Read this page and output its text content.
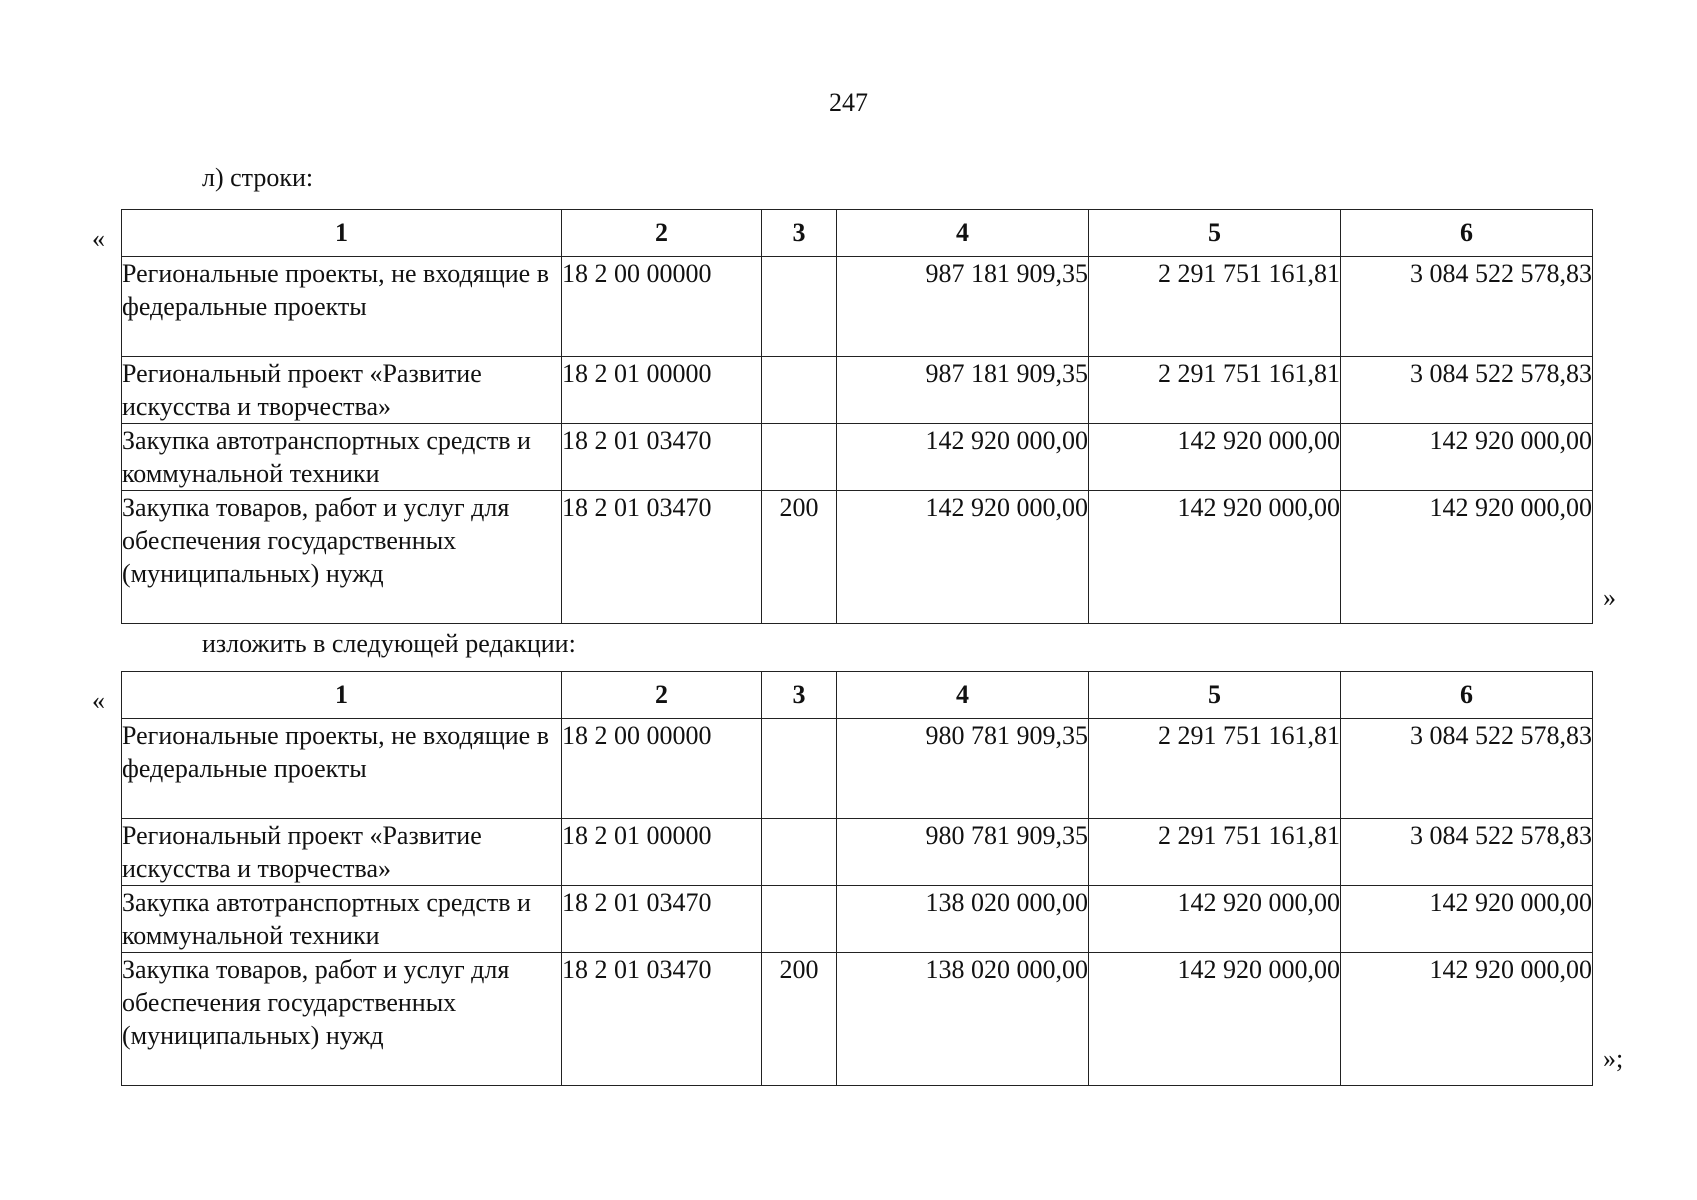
247
л) строки:
«	1	2	3	4	5	6
Региональные проекты, не входящие в федеральные проекты	18 2 00 00000		987 181 909,35	2 291 751 161,81	3 084 522 578,83
Региональный проект «Развитие искусства и творчества»	18 2 01 00000		987 181 909,35	2 291 751 161,81	3 084 522 578,83
Закупка автотранспортных средств и коммунальной техники	18 2 01 03470		142 920 000,00	142 920 000,00	142 920 000,00
Закупка товаров, работ и услуг для обеспечения государственных (муниципальных) нужд	18 2 01 03470	200	142 920 000,00	142 920 000,00	142 920 000,00
»
изложить в следующей редакции:
«	1	2	3	4	5	6
Региональные проекты, не входящие в федеральные проекты	18 2 00 00000		980 781 909,35	2 291 751 161,81	3 084 522 578,83
Региональный проект «Развитие искусства и творчества»	18 2 01 00000		980 781 909,35	2 291 751 161,81	3 084 522 578,83
Закупка автотранспортных средств и коммунальной техники	18 2 01 03470		138 020 000,00	142 920 000,00	142 920 000,00
Закупка товаров, работ и услуг для обеспечения государственных (муниципальных) нужд	18 2 01 03470	200	138 020 000,00	142 920 000,00	142 920 000,00
»;
